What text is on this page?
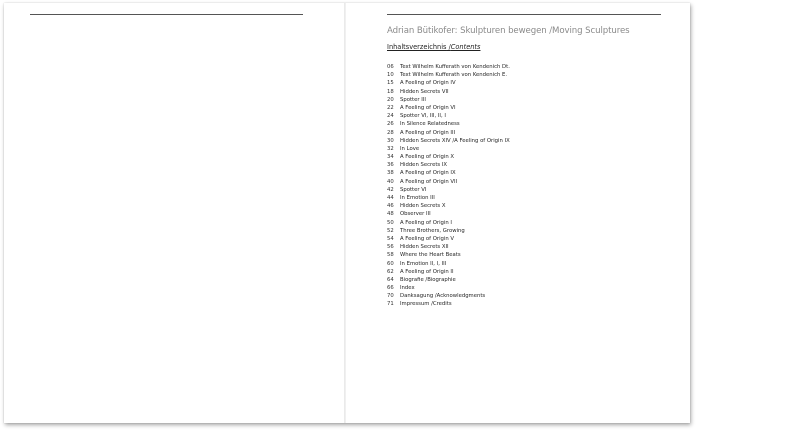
Adrian Bütikofer: Skulpturen bewegen /Moving Sculptures
Inhaltsverzeichnis /Contents
06	Text Wilhelm Kufferath von Kendenich Dt.
10	Text Wilhelm Kufferath von Kendenich E.
15	A Feeling of Origin IV
18	Hidden Secrets VII
20	Spotter III
22	A Feeling of Origin VI
24	Spotter VI, III, II, I
26	In Silence Relatedness
28	A Feeling of Origin III
30	Hidden Secrets XIV /A Feeling of Origin IX
32	In Love
34	A Feeling of Origin X
36	Hidden Secrets IX
38	A Feeling of Origin IX
40	A Feeling of Origin VII
42	Spotter VI
44	In Emotion III
46	Hidden Secrets X
48	Observer III
50	A Feeling of Origin I
52	Three Brothers, Growing
54	A Feeling of Origin V
56	Hidden Secrets XII
58	Where the Heart Beats
60	In Emotion II, I, III
62	A Feeling of Origin II
64	Biografie /Biographie
66	Index
70	Danksagung /Acknowledgments
71	Impressum /Credits
